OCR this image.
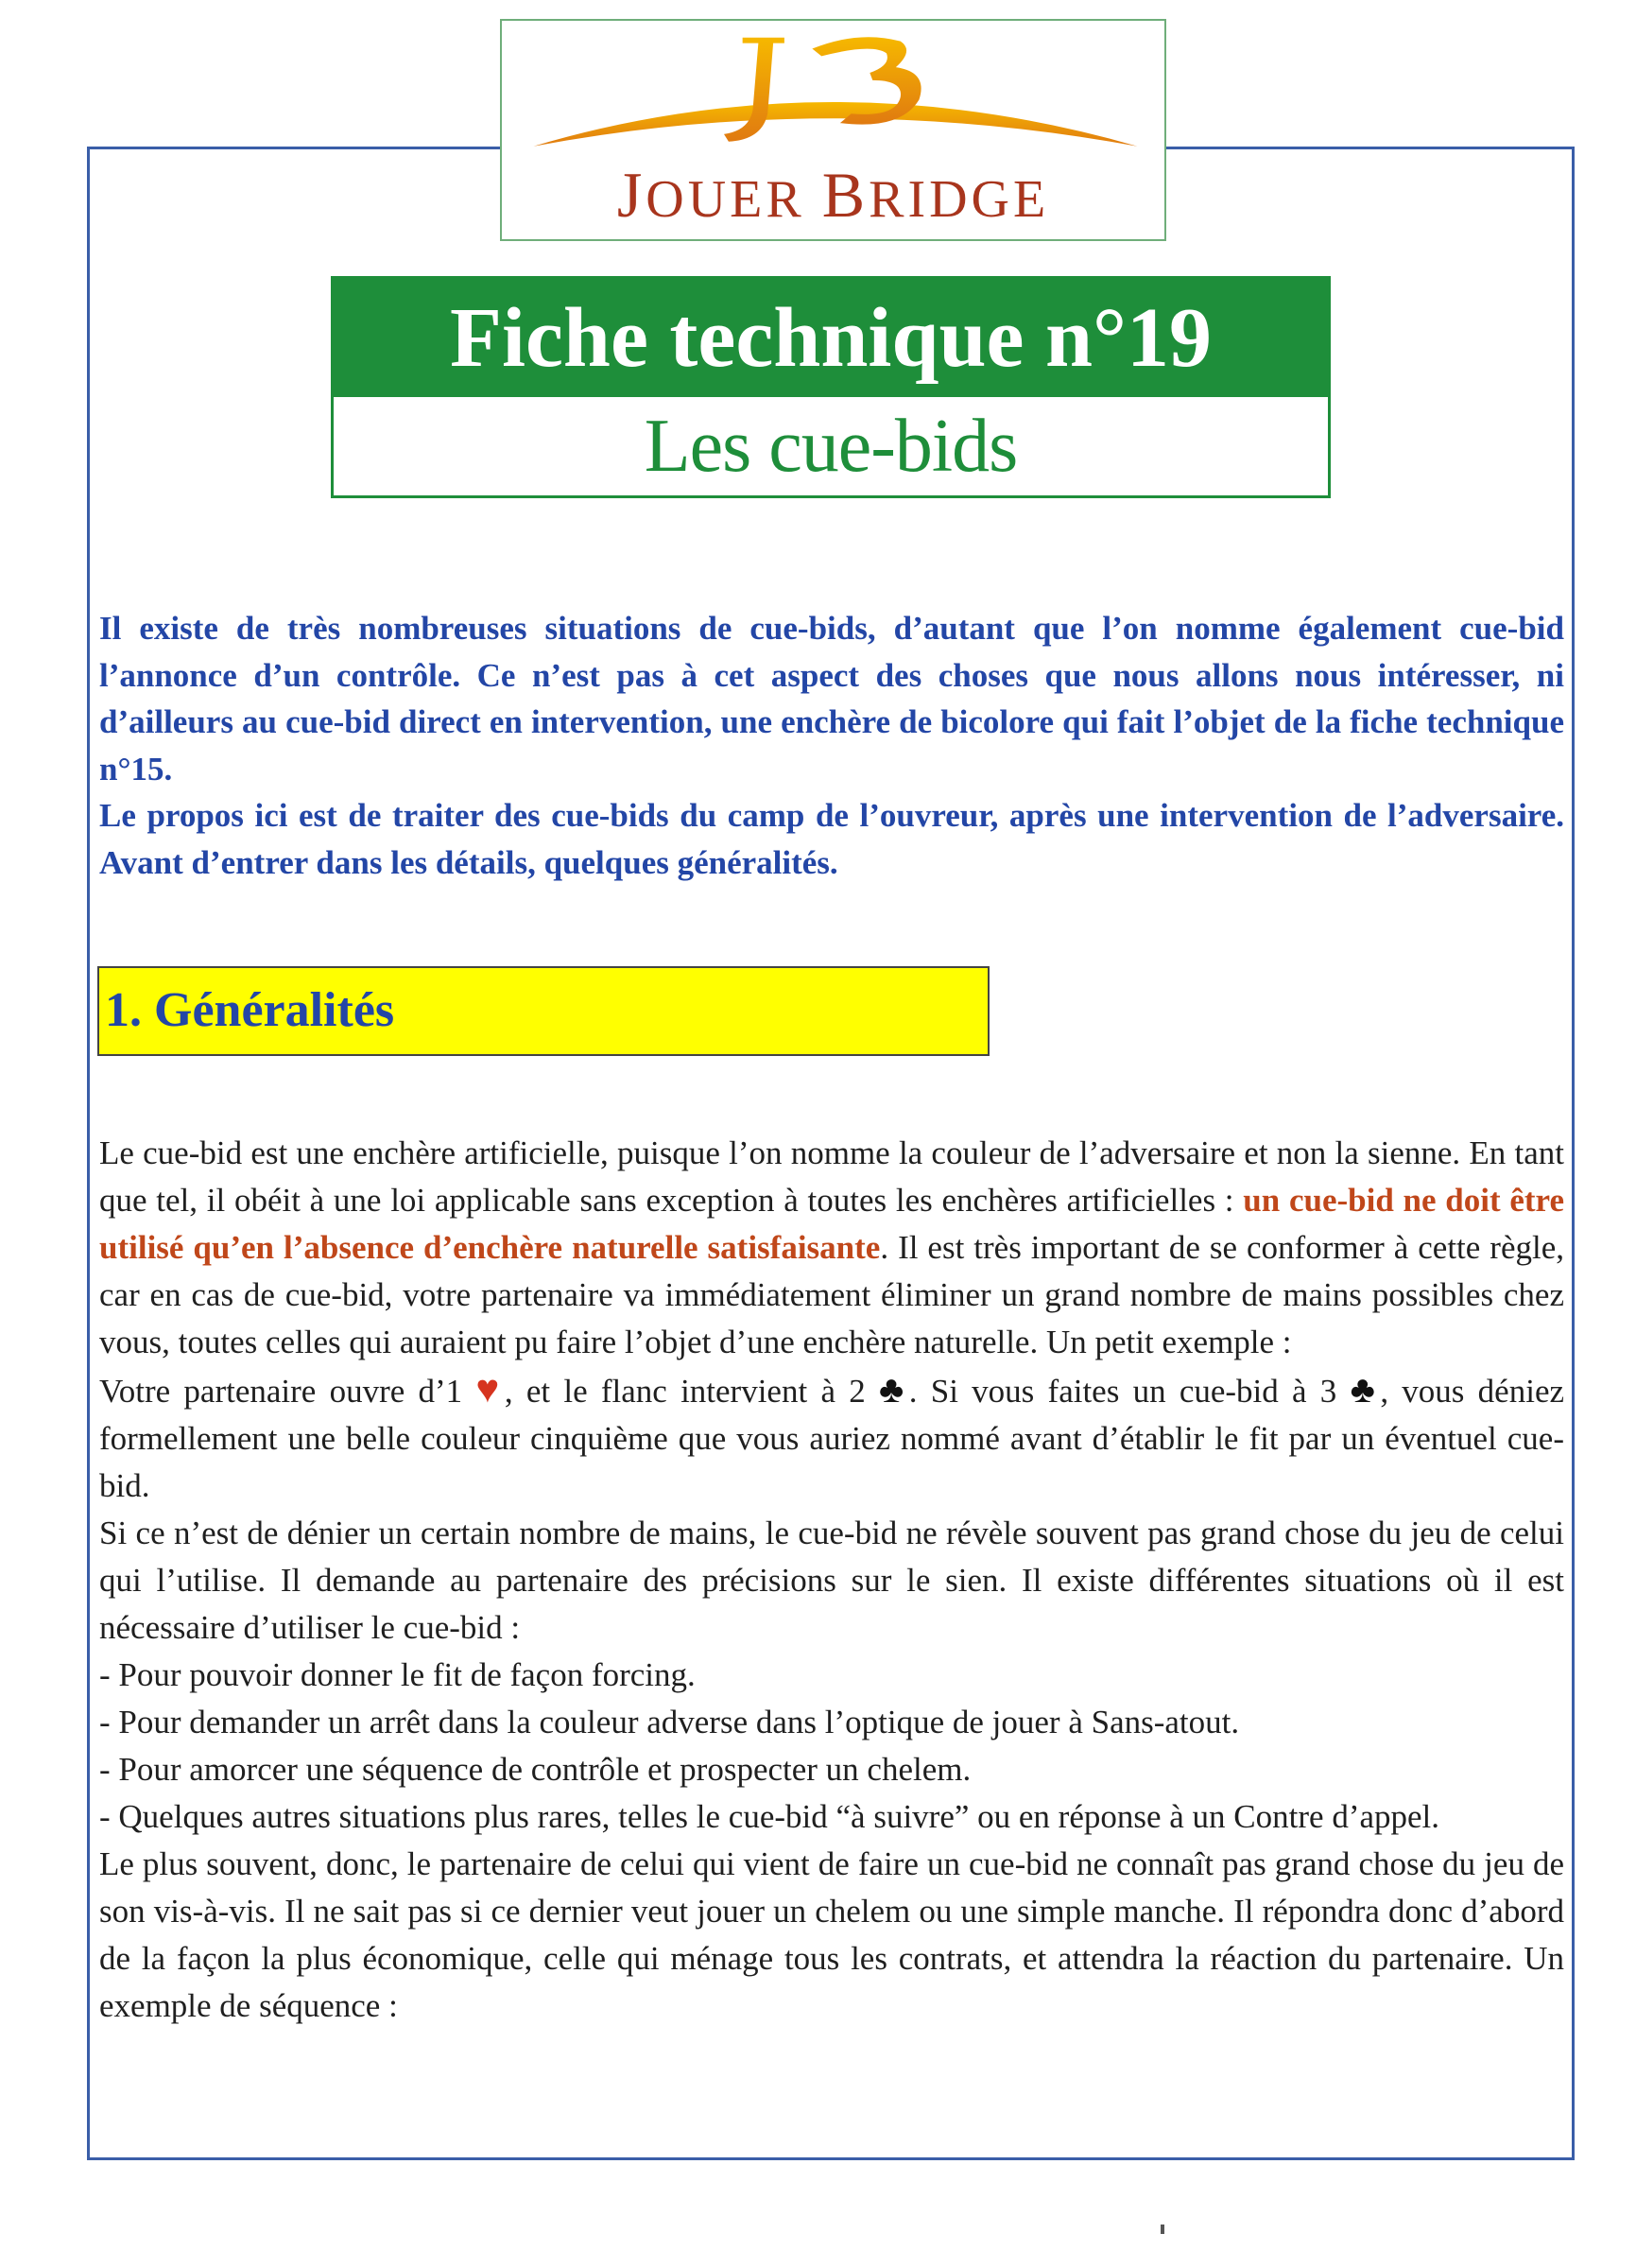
JB
JOUER BRIDGE
Fiche technique n°19
Les cue-bids

Il existe de très nombreuses situations de cue-bids, d’autant que l’on nomme également cue-bid l’annonce d’un contrôle. Ce n’est pas à cet aspect des choses que nous allons nous intéresser, ni d’ailleurs au cue-bid direct en intervention, une enchère de bicolore qui fait l’objet de la fiche technique n°15.

Le propos ici est de traiter des cue-bids du camp de l’ouvreur, après une intervention de l’adversaire. Avant d’entrer dans les détails, quelques généralités.

1. Généralités

Le cue-bid est une enchère artificielle, puisque l’on nomme la couleur de l’adversaire et non la sienne. En tant que tel, il obéit à une loi applicable sans exception à toutes les enchères artificielles : un cue-bid ne doit être utilisé qu’en l’absence d’enchère naturelle satisfaisante. Il est très important de se conformer à cette règle, car en cas de cue-bid, votre partenaire va immédiatement éliminer un grand nombre de mains possibles chez vous, toutes celles qui auraient pu faire l’objet d’une enchère naturelle. Un petit exemple :

Votre partenaire ouvre d’1 ♥, et le flanc intervient à 2 ♣. Si vous faites un cue-bid à 3 ♣, vous déniez formellement une belle couleur cinquième que vous auriez nommé avant d’établir le fit par un éventuel cue-bid.

Si ce n’est de dénier un certain nombre de mains, le cue-bid ne révèle souvent pas grand chose du jeu de celui qui l’utilise. Il demande au partenaire des précisions sur le sien. Il existe différentes situations où il est nécessaire d’utiliser le cue-bid :

- Pour pouvoir donner le fit de façon forcing.

- Pour demander un arrêt dans la couleur adverse dans l’optique de jouer à Sans-atout.

- Pour amorcer une séquence de contrôle et prospecter un chelem.

- Quelques autres situations plus rares, telles le cue-bid “à suivre” ou en réponse à un Contre d’appel.

Le plus souvent, donc, le partenaire de celui qui vient de faire un cue-bid ne connaît pas grand chose du jeu de son vis-à-vis. Il ne sait pas si ce dernier veut jouer un chelem ou une simple manche. Il répondra donc d’abord de la façon la plus économique, celle qui ménage tous les contrats, et attendra la réaction du partenaire. Un exemple de séquence :
